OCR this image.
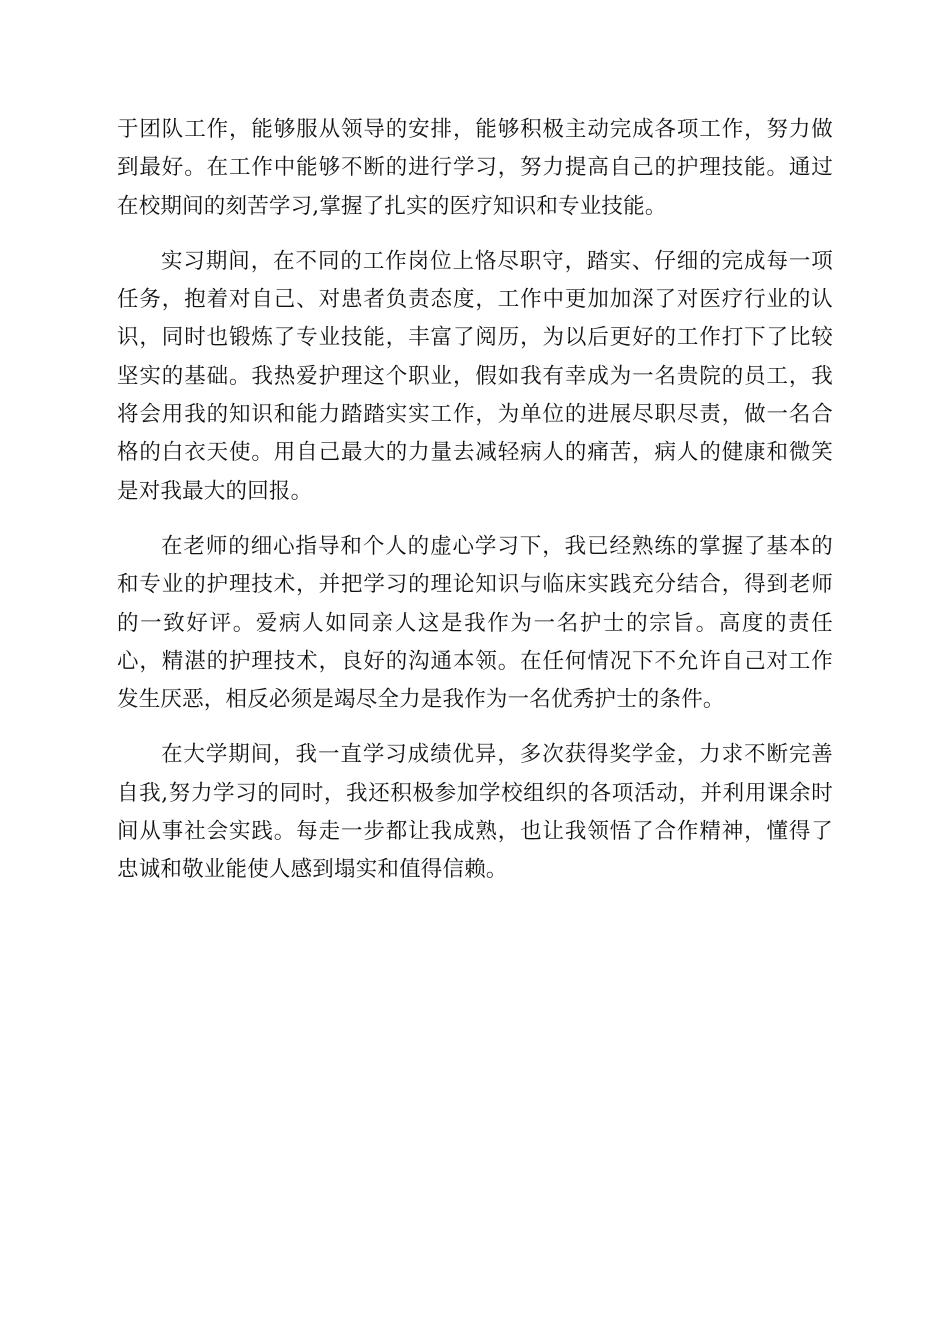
于团队工作，能够服从领导的安排，能够积极主动完成各项工作，努力做到最好。在工作中能够不断的进行学习，努力提高自己的护理技能。通过在校期间的刻苦学习,掌握了扎实的医疗知识和专业技能。

实习期间，在不同的工作岗位上恪尽职守，踏实、仔细的完成每一项任务，抱着对自己、对患者负责态度，工作中更加加深了对医疗行业的认识，同时也锻炼了专业技能，丰富了阅历，为以后更好的工作打下了比较坚实的基础。我热爱护理这个职业，假如我有幸成为一名贵院的员工，我将会用我的知识和能力踏踏实实工作，为单位的进展尽职尽责，做一名合格的白衣天使。用自己最大的力量去减轻病人的痛苦，病人的健康和微笑是对我最大的回报。

在老师的细心指导和个人的虚心学习下，我已经熟练的掌握了基本的和专业的护理技术，并把学习的理论知识与临床实践充分结合，得到老师的一致好评。爱病人如同亲人这是我作为一名护士的宗旨。高度的责任心，精湛的护理技术，良好的沟通本领。在任何情况下不允许自己对工作发生厌恶，相反必须是竭尽全力是我作为一名优秀护士的条件。

在大学期间，我一直学习成绩优异，多次获得奖学金，力求不断完善自我,努力学习的同时，我还积极参加学校组织的各项活动，并利用课余时间从事社会实践。每走一步都让我成熟，也让我领悟了合作精神，懂得了忠诚和敬业能使人感到塌实和值得信赖。
